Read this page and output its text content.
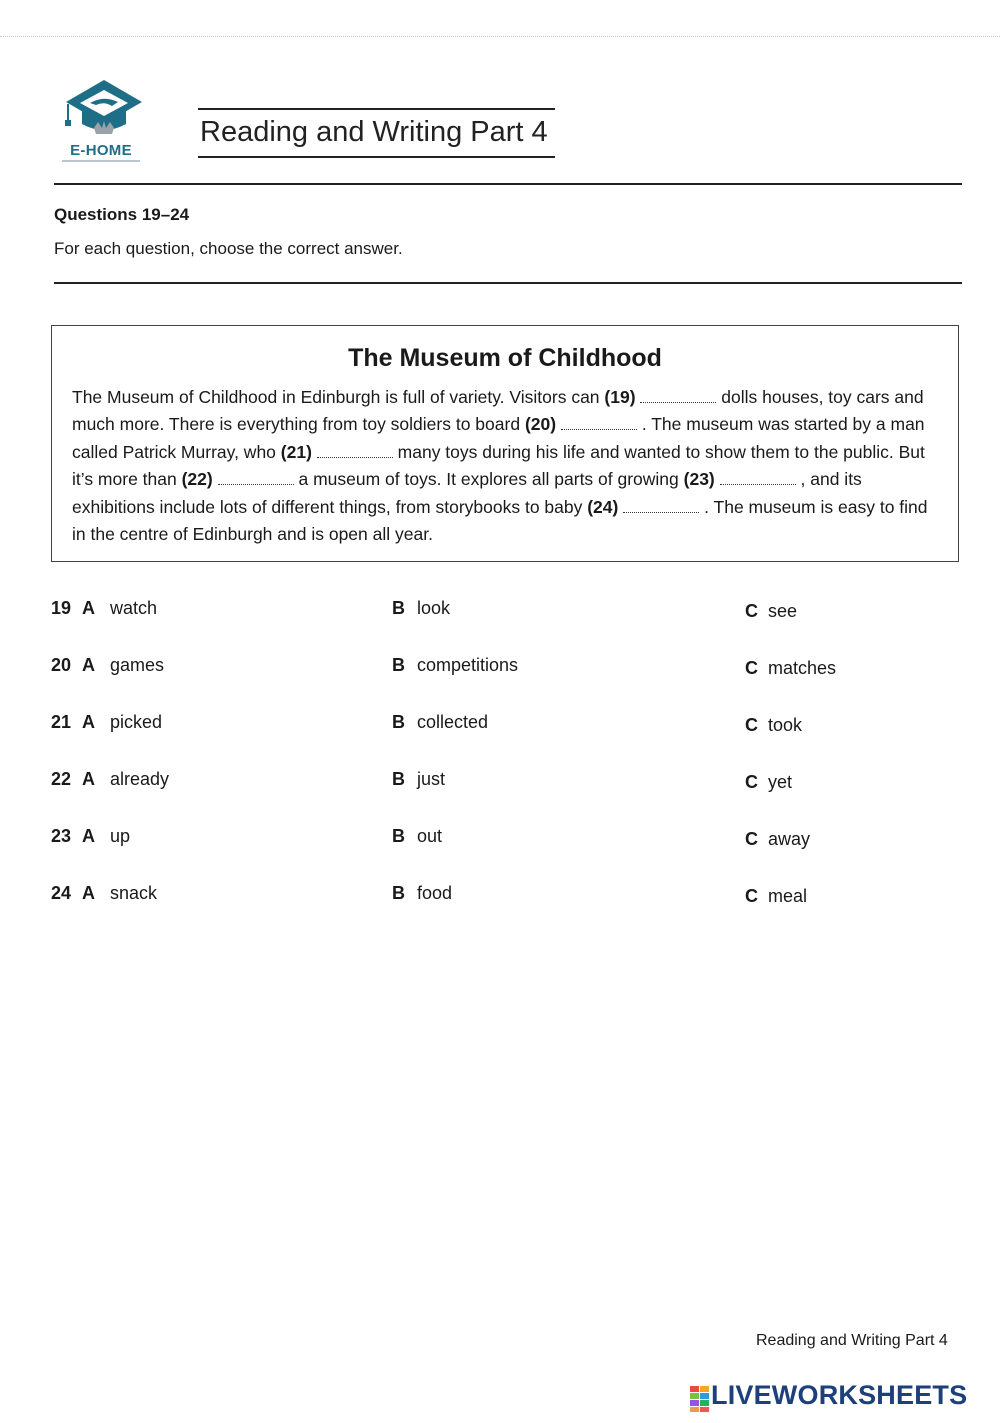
E-HOME
Reading and Writing Part 4
Questions 19–24
For each question, choose the correct answer.
The Museum of Childhood
The Museum of Childhood in Edinburgh is full of variety. Visitors can (19)	dolls houses, toy cars and much more. There is everything from toy soldiers to board (20)	. The museum was started by a man called Patrick Murray, who (21)	many toys during his life and wanted to show them to the public. But it’s more than (22)	a museum of toys. It explores all parts of growing (23)	, and its exhibitions include lots of different things, from storybooks to baby (24)	. The museum is easy to find in the centre of Edinburgh and is open all year.
19 A watch	B look	C see
20 A games	B competitions	C matches
21 A picked	B collected	C took
22 A already	B just	C yet
23 A up	B out	C away
24 A snack	B food	C meal
Reading and Writing Part 4
LIVEWORKSHEETS
